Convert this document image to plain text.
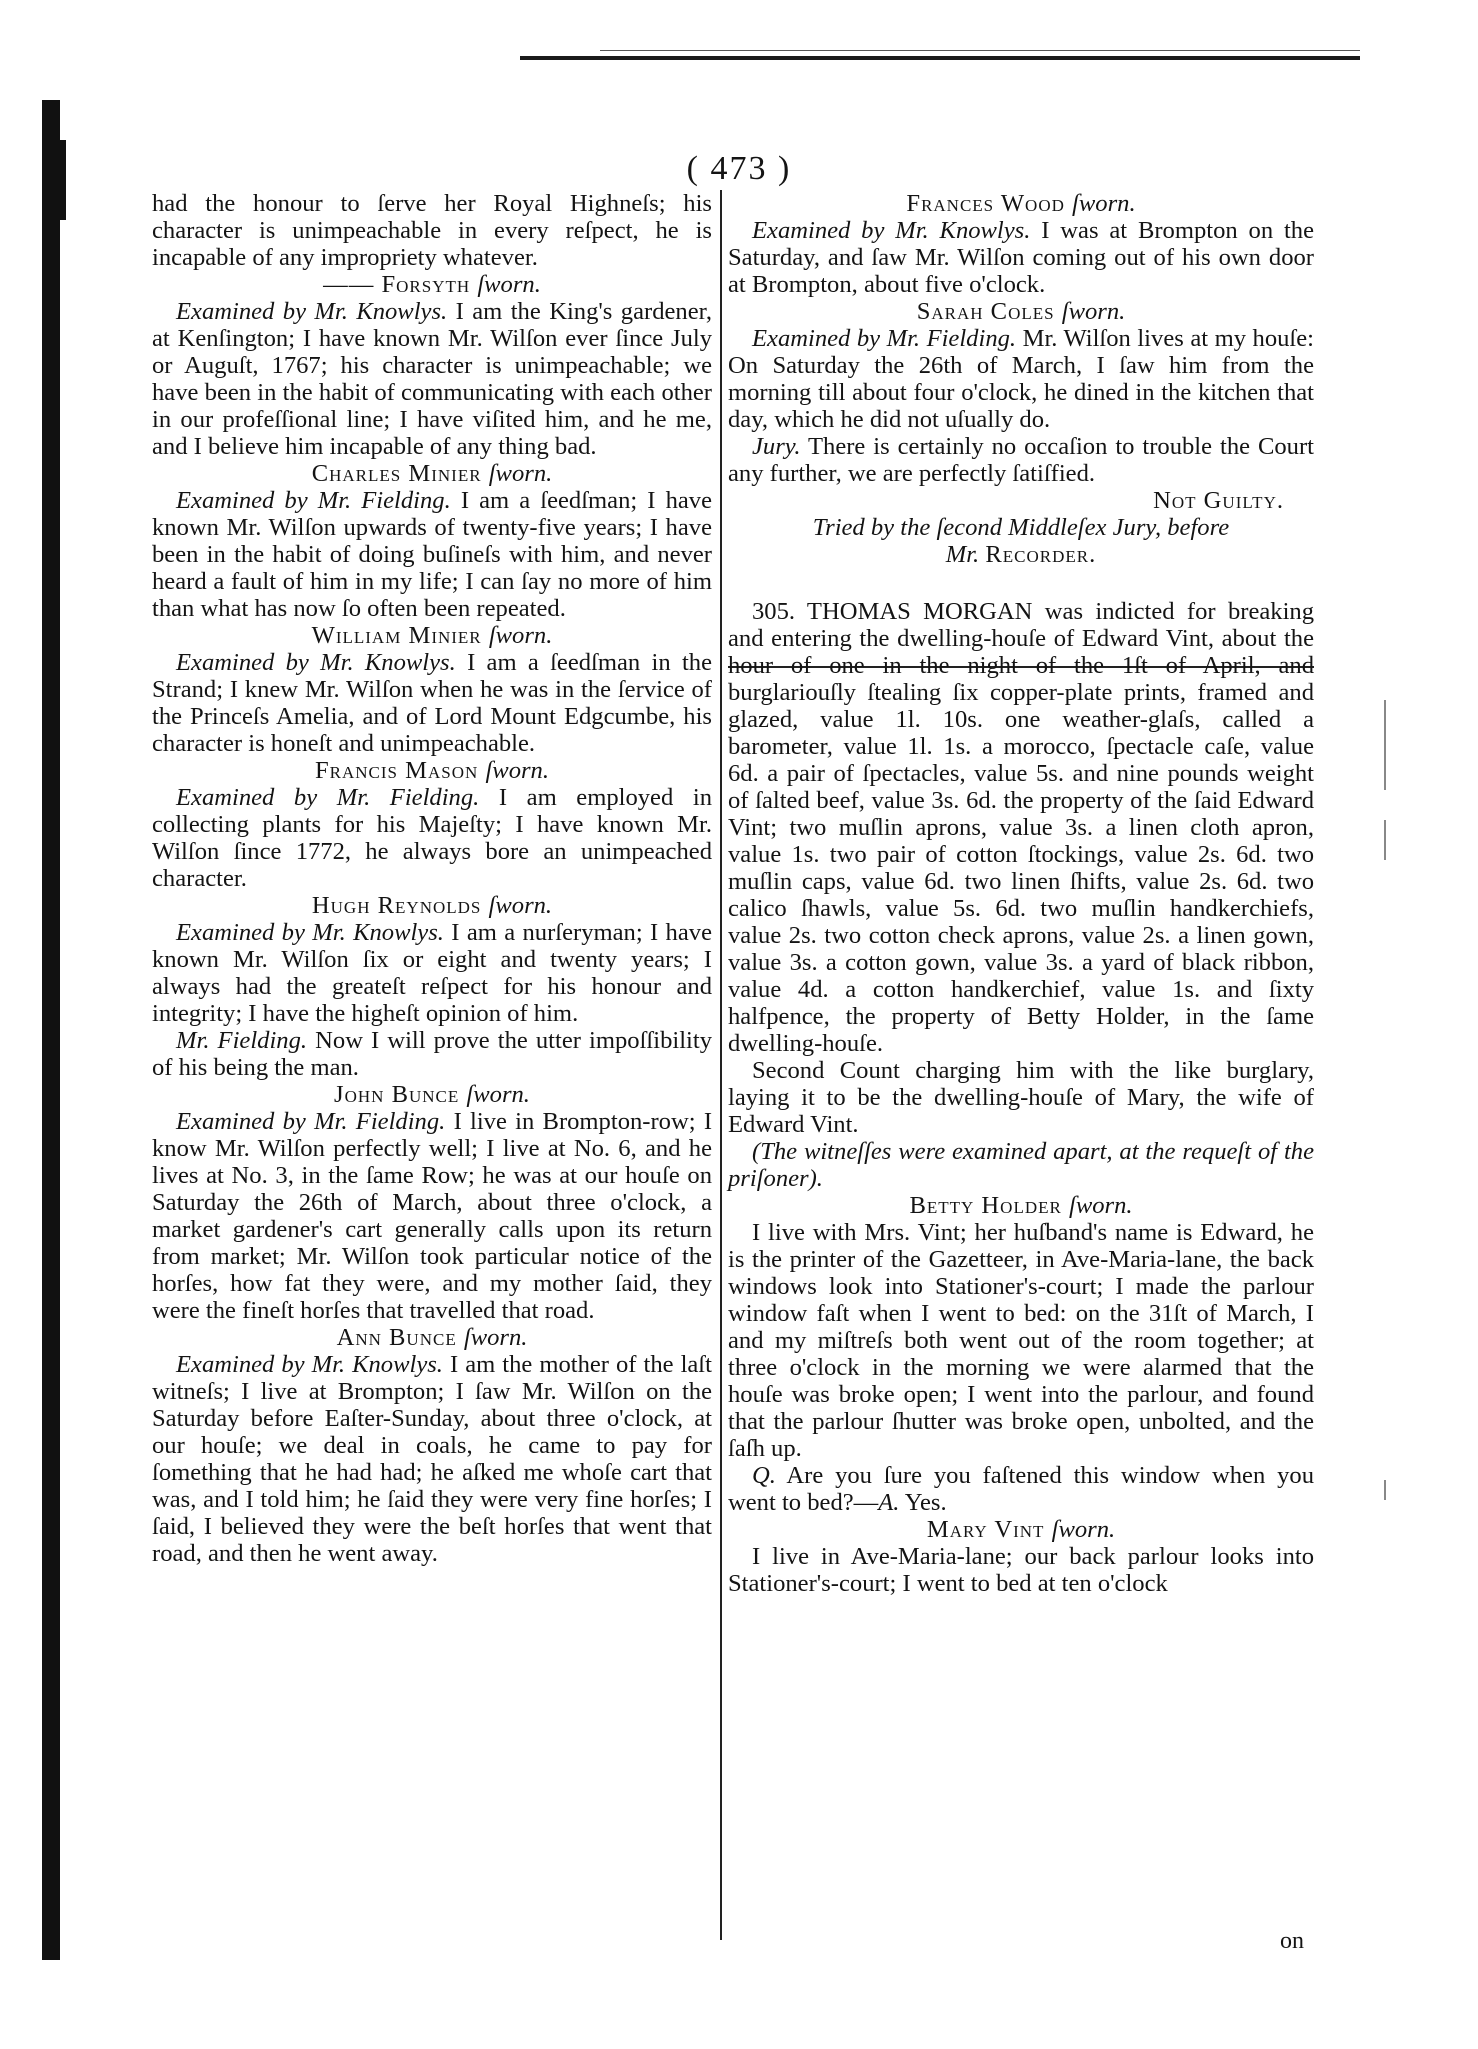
( 473 )

had the honour to ſerve her Royal Highneſs; his character is unimpeachable in every reſpect, he is incapable of any impropriety whatever.

—— Forsyth ſworn.

Examined by Mr. Knowlys. I am the King's gardener, at Kenſington; I have known Mr. Wilſon ever ſince July or Auguſt, 1767; his character is unimpeachable; we have been in the habit of communicating with each other in our profeſſional line; I have viſited him, and he me, and I believe him incapable of any thing bad.

Charles Minier ſworn.

Examined by Mr. Fielding. I am a ſeedſman; I have known Mr. Wilſon upwards of twenty-five years; I have been in the habit of doing buſineſs with him, and never heard a fault of him in my life; I can ſay no more of him than what has now ſo often been repeated.

William Minier ſworn.

Examined by Mr. Knowlys. I am a ſeedſman in the Strand; I knew Mr. Wilſon when he was in the ſervice of the Princeſs Amelia, and of Lord Mount Edgcumbe, his character is honeſt and unimpeachable.

Francis Mason ſworn.

Examined by Mr. Fielding. I am employed in collecting plants for his Majeſty; I have known Mr. Wilſon ſince 1772, he always bore an unimpeached character.

Hugh Reynolds ſworn.

Examined by Mr. Knowlys. I am a nurſeryman; I have known Mr. Wilſon ſix or eight and twenty years; I always had the greateſt reſpect for his honour and integrity; I have the higheſt opinion of him.

Mr. Fielding. Now I will prove the utter impoſſibility of his being the man.

John Bunce ſworn.

Examined by Mr. Fielding. I live in Brompton-row; I know Mr. Wilſon perfectly well; I live at No. 6, and he lives at No. 3, in the ſame Row; he was at our houſe on Saturday the 26th of March, about three o'clock, a market gardener's cart generally calls upon its return from market; Mr. Wilſon took particular notice of the horſes, how fat they were, and my mother ſaid, they were the fineſt horſes that travelled that road.

Ann Bunce ſworn.

Examined by Mr. Knowlys. I am the mother of the laſt witneſs; I live at Brompton; I ſaw Mr. Wilſon on the Saturday before Eaſter-Sunday, about three o'clock, at our houſe; we deal in coals, he came to pay for ſomething that he had had; he aſked me whoſe cart that was, and I told him; he ſaid they were very fine horſes; I ſaid, I believed they were the beſt horſes that went that road, and then he went away.

Frances Wood ſworn.

Examined by Mr. Knowlys. I was at Brompton on the Saturday, and ſaw Mr. Wilſon coming out of his own door at Brompton, about five o'clock.

Sarah Coles ſworn.

Examined by Mr. Fielding. Mr. Wilſon lives at my houſe: On Saturday the 26th of March, I ſaw him from the morning till about four o'clock, he dined in the kitchen that day, which he did not uſually do.

Jury. There is certainly no occaſion to trouble the Court any further, we are perfectly ſatiſfied.

Not Guilty.
Tried by the ſecond Middleſex Jury, before
Mr. Recorder.

305. THOMAS MORGAN was indicted for breaking and entering the dwelling-houſe of Edward Vint, about the hour of one in the night of the 1ſt of April, and burglariouſly ſtealing ſix copper-plate prints, framed and glazed, value 1l. 10s. one weather-glaſs, called a barometer, value 1l. 1s. a morocco, ſpectacle caſe, value 6d. a pair of ſpectacles, value 5s. and nine pounds weight of ſalted beef, value 3s. 6d. the property of the ſaid Edward Vint; two muſlin aprons, value 3s. a linen cloth apron, value 1s. two pair of cotton ſtockings, value 2s. 6d. two muſlin caps, value 6d. two linen ſhifts, value 2s. 6d. two calico ſhawls, value 5s. 6d. two muſlin handkerchiefs, value 2s. two cotton check aprons, value 2s. a linen gown, value 3s. a cotton gown, value 3s. a yard of black ribbon, value 4d. a cotton handkerchief, value 1s. and ſixty halfpence, the property of Betty Holder, in the ſame dwelling-houſe.

Second Count charging him with the like burglary, laying it to be the dwelling-houſe of Mary, the wife of Edward Vint.

(The witneſſes were examined apart, at the requeſt of the priſoner).

Betty Holder ſworn.

I live with Mrs. Vint; her huſband's name is Edward, he is the printer of the Gazetteer, in Ave-Maria-lane, the back windows look into Stationer's-court; I made the parlour window faſt when I went to bed: on the 31ſt of March, I and my miſtreſs both went out of the room together; at three o'clock in the morning we were alarmed that the houſe was broke open; I went into the parlour, and found that the parlour ſhutter was broke open, unbolted, and the ſaſh up.

Q. Are you ſure you faſtened this window when you went to bed?—A. Yes.

Mary Vint ſworn.

I live in Ave-Maria-lane; our back parlour looks into Stationer's-court; I went to bed at ten o'clock

on
